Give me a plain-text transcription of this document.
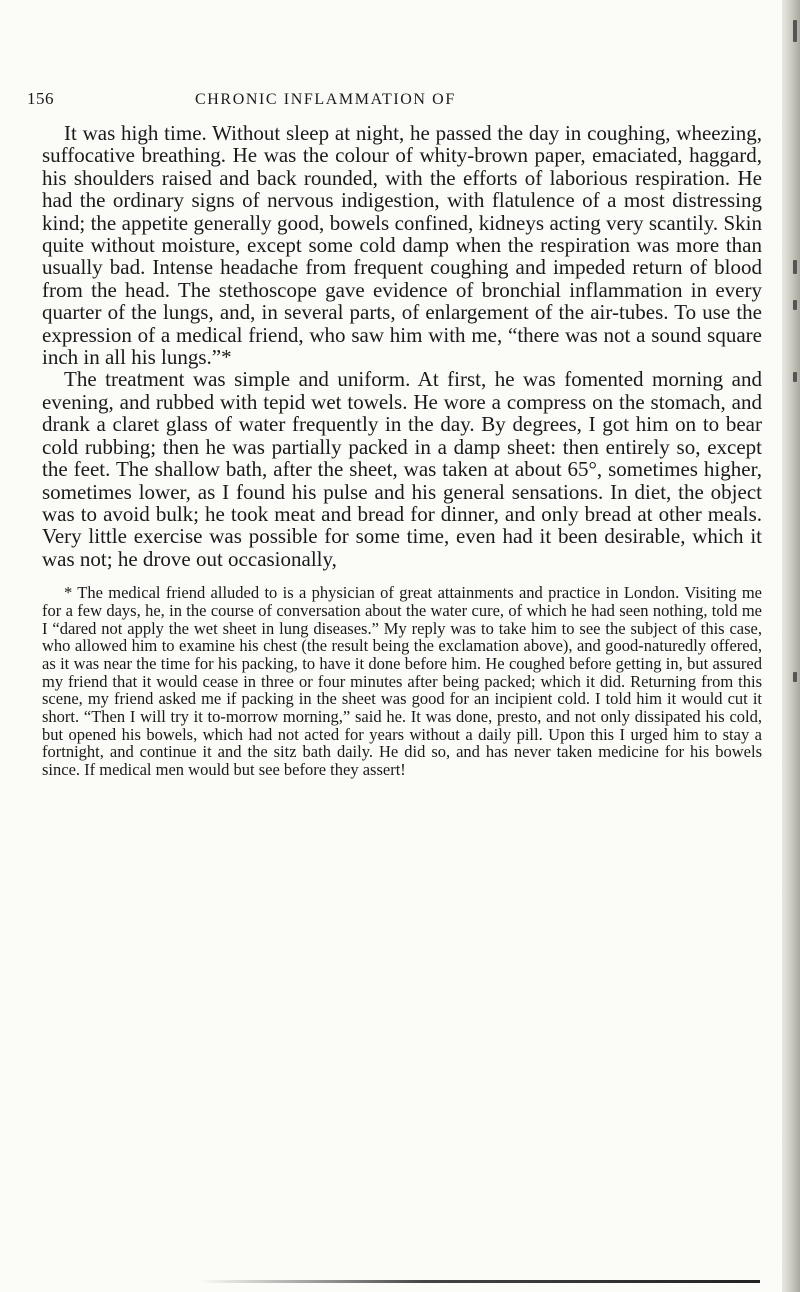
156	CHRONIC INFLAMMATION OF

It was high time. Without sleep at night, he passed the day in coughing, wheezing, suffocative breathing. He was the colour of whity-brown paper, emaciated, haggard, his shoulders raised and back rounded, with the efforts of laborious respiration. He had the ordinary signs of nervous indigestion, with flatulence of a most distressing kind; the appetite generally good, bowels confined, kidneys acting very scantily. Skin quite without moisture, except some cold damp when the respiration was more than usually bad. Intense headache from frequent coughing and impeded return of blood from the head. The stethoscope gave evidence of bronchial inflammation in every quarter of the lungs, and, in several parts, of enlargement of the air-tubes. To use the expression of a medical friend, who saw him with me, “there was not a sound square inch in all his lungs.”*

The treatment was simple and uniform. At first, he was fomented morning and evening, and rubbed with tepid wet towels. He wore a compress on the stomach, and drank a claret glass of water frequently in the day. By degrees, I got him on to bear cold rubbing; then he was partially packed in a damp sheet: then entirely so, except the feet. The shallow bath, after the sheet, was taken at about 65°, sometimes higher, sometimes lower, as I found his pulse and his general sensations. In diet, the object was to avoid bulk; he took meat and bread for dinner, and only bread at other meals. Very little exercise was possible for some time, even had it been desirable, which it was not; he drove out occasionally,

* The medical friend alluded to is a physician of great attainments and practice in London. Visiting me for a few days, he, in the course of conversation about the water cure, of which he had seen nothing, told me I “dared not apply the wet sheet in lung diseases.” My reply was to take him to see the subject of this case, who allowed him to examine his chest (the result being the exclamation above), and good-naturedly offered, as it was near the time for his packing, to have it done before him. He coughed before getting in, but assured my friend that it would cease in three or four minutes after being packed; which it did. Returning from this scene, my friend asked me if packing in the sheet was good for an incipient cold. I told him it would cut it short. “Then I will try it to-morrow morning,” said he. It was done, presto, and not only dissipated his cold, but opened his bowels, which had not acted for years without a daily pill. Upon this I urged him to stay a fortnight, and continue it and the sitz bath daily. He did so, and has never taken medicine for his bowels since. If medical men would but see before they assert!
